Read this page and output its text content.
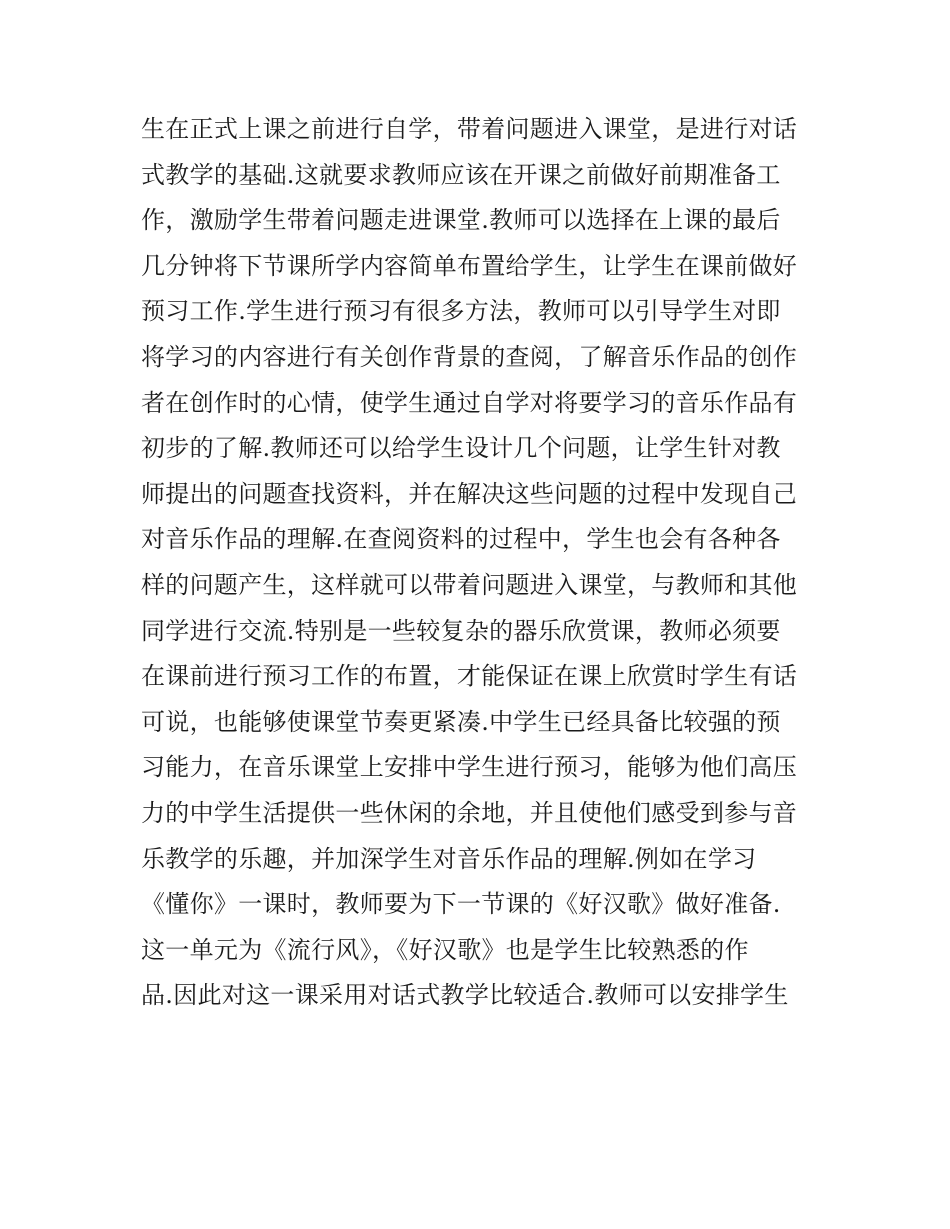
生在正式上课之前进行自学，带着问题进入课堂，是进行对话
式教学的基础.这就要求教师应该在开课之前做好前期准备工
作，激励学生带着问题走进课堂.教师可以选择在上课的最后
几分钟将下节课所学内容简单布置给学生，让学生在课前做好
预习工作.学生进行预习有很多方法，教师可以引导学生对即
将学习的内容进行有关创作背景的查阅，了解音乐作品的创作
者在创作时的心情，使学生通过自学对将要学习的音乐作品有
初步的了解.教师还可以给学生设计几个问题，让学生针对教
师提出的问题查找资料，并在解决这些问题的过程中发现自己
对音乐作品的理解.在查阅资料的过程中，学生也会有各种各
样的问题产生，这样就可以带着问题进入课堂，与教师和其他
同学进行交流.特别是一些较复杂的器乐欣赏课，教师必须要
在课前进行预习工作的布置，才能保证在课上欣赏时学生有话
可说，也能够使课堂节奏更紧凑.中学生已经具备比较强的预
习能力，在音乐课堂上安排中学生进行预习，能够为他们高压
力的中学生活提供一些休闲的余地，并且使他们感受到参与音
乐教学的乐趣，并加深学生对音乐作品的理解.例如在学习
《懂你》一课时，教师要为下一节课的《好汉歌》做好准备.
这一单元为《流行风》，《好汉歌》也是学生比较熟悉的作
品.因此对这一课采用对话式教学比较适合.教师可以安排学生
